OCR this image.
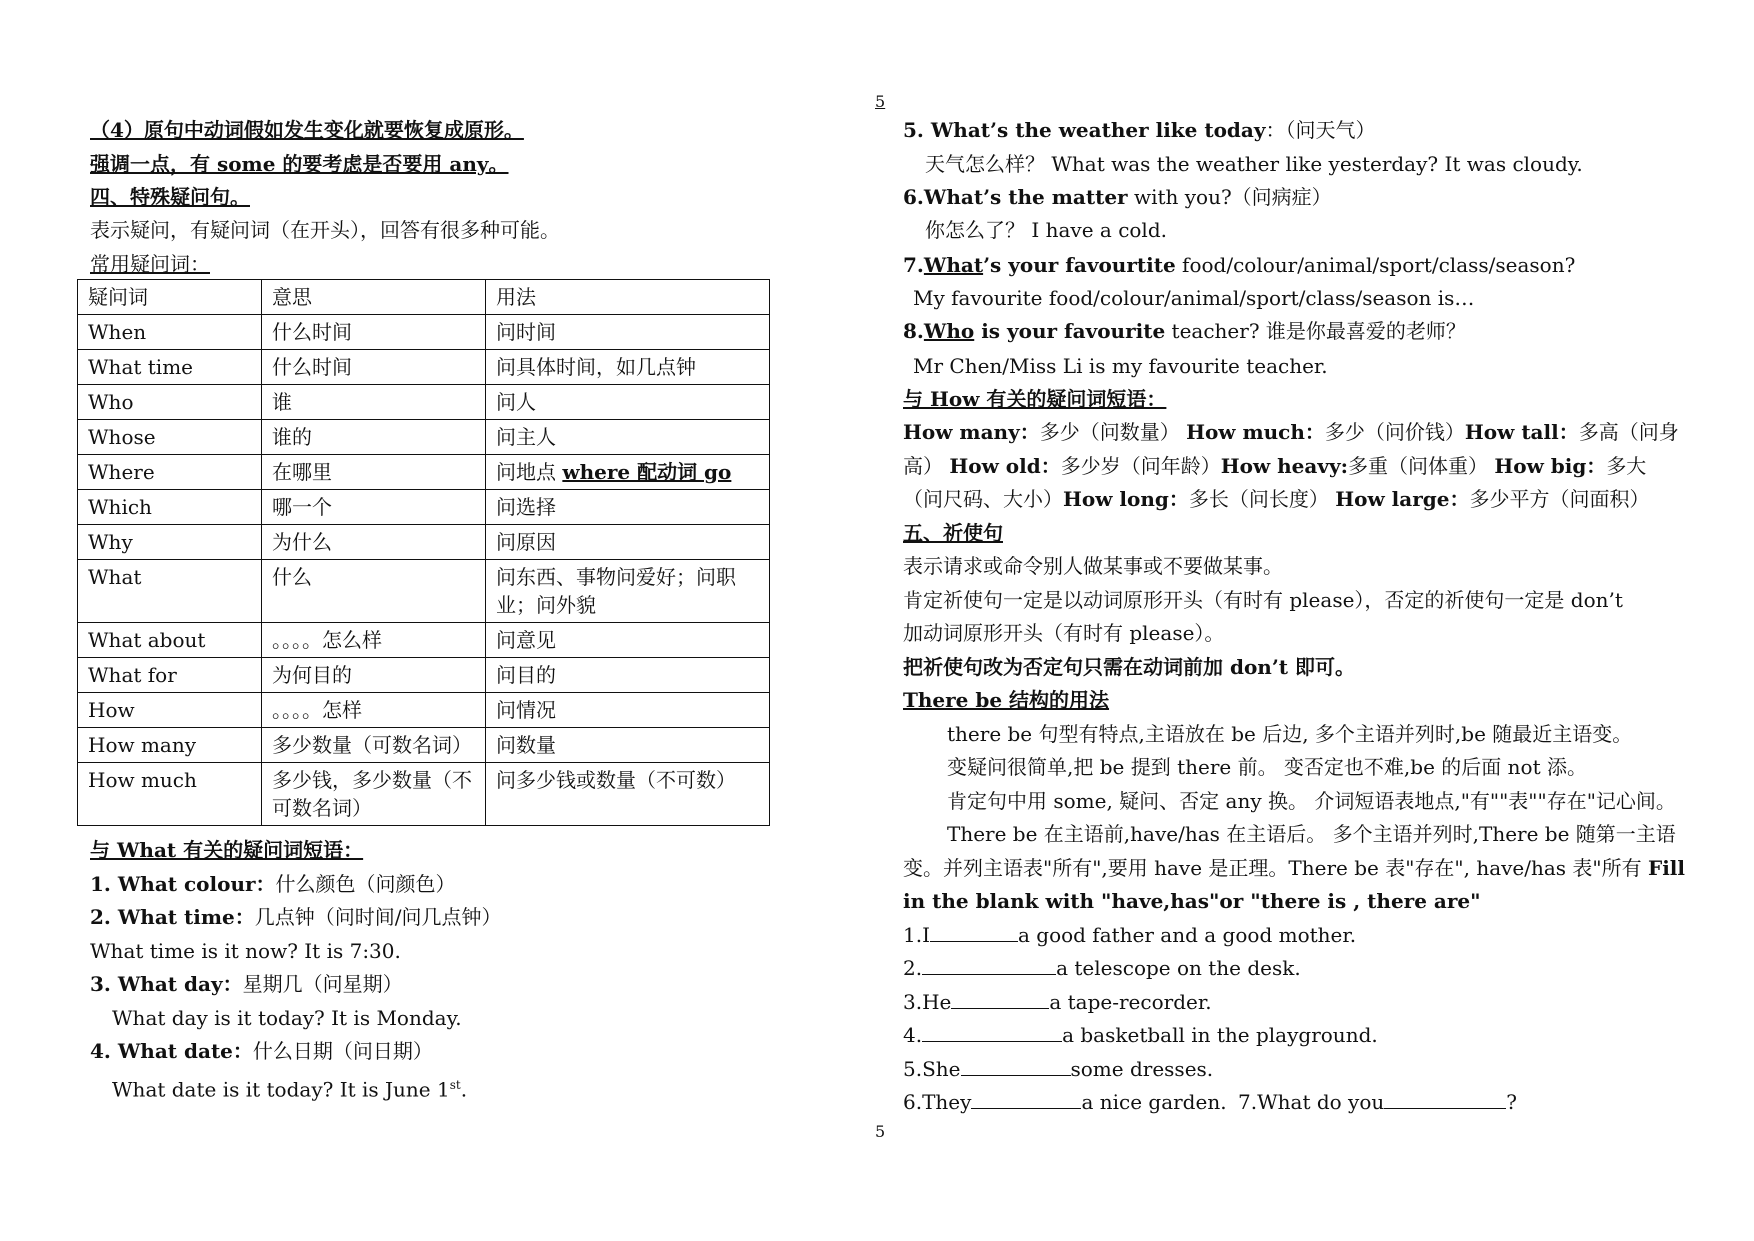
5
5
（4）原句中动词假如发生变化就要恢复成原形。
强调一点，有 some 的要考虑是否要用 any。
四、特殊疑问句。
表示疑问，有疑问词（在开头），回答有很多种可能。
常用疑问词：
疑问词	意思	用法
When	什么时间	问时间
What time	什么时间	问具体时间，如几点钟
Who	谁	问人
Whose	谁的	问主人
Where	在哪里	问地点 where 配动词 go
Which	哪一个	问选择
Why	为什么	问原因
What	什么	问东西、事物问爱好；问职业；问外貌
What about	。。。。怎么样	问意见
What for	为何目的	问目的
How	。。。。怎样	问情况
How many	多少数量（可数名词）	问数量
How much	多少钱，多少数量（不可数名词）	问多少钱或数量（不可数）
与 What 有关的疑问词短语：
1. What colour：什么颜色（问颜色）
2. What time：几点钟（问时间/问几点钟）
What time is it now? It is 7:30.
3. What day：星期几（问星期）
What day is it today? It is Monday.
4. What date：什么日期（问日期）
What date is it today? It is June 1st.
5. What’s the weather like today：（问天气）
天气怎么样？ What was the weather like yesterday? It was cloudy.
6.What’s the matter with you?（问病症）
你怎么了？ I have a cold.
7.What’s your favourtite food/colour/animal/sport/class/season?
My favourite food/colour/animal/sport/class/season is…
8.Who is your favourite teacher? 谁是你最喜爱的老师？
Mr Chen/Miss Li is my favourite teacher.
与 How 有关的疑问词短语：
How many：多少（问数量） How much：多少（问价钱）How tall：多高（问身
高） How old：多少岁（问年龄）How heavy:多重（问体重） How big：多大
（问尺码、大小）How long：多长（问长度） How large：多少平方（问面积）
五、祈使句
表示请求或命令别人做某事或不要做某事。
肯定祈使句一定是以动词原形开头（有时有 please），否定的祈使句一定是 don’t
加动词原形开头（有时有 please）。
把祈使句改为否定句只需在动词前加 don’t 即可。
There be 结构的用法
there be 句型有特点,主语放在 be 后边, 多个主语并列时,be 随最近主语变。
变疑问很简单,把 be 提到 there 前。 变否定也不难,be 的后面 not 添。
肯定句中用 some, 疑问、否定 any 换。 介词短语表地点,"有""表""存在"记心间。
There be 在主语前,have/has 在主语后。 多个主语并列时,There be 随第一主语
变。并列主语表"所有",要用 have 是正理。There be 表"存在", have/has 表"所有 Fill
in the blank with "have,has"or "there is , there are"
1.I	a good father and a good mother.
2.	a telescope on the desk.
3.He	a tape-recorder.
4.	a basketball in the playground.
5.She	some dresses.
6.They	a nice garden. 7.What do you	?
